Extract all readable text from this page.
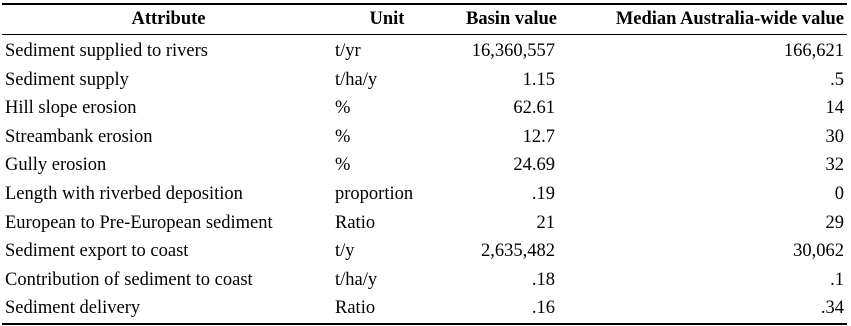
Attribute	Unit	Basin value	Median Australia-wide value
Sediment supplied to rivers	t/yr	16,360,557	166,621
Sediment supply	t/ha/y	1.15	.5
Hill slope erosion	%	62.61	14
Streambank erosion	%	12.7	30
Gully erosion	%	24.69	32
Length with riverbed deposition	proportion	.19	0
European to Pre-European sediment	Ratio	21	29
Sediment export to coast	t/y	2,635,482	30,062
Contribution of sediment to coast	t/ha/y	.18	.1
Sediment delivery	Ratio	.16	.34
